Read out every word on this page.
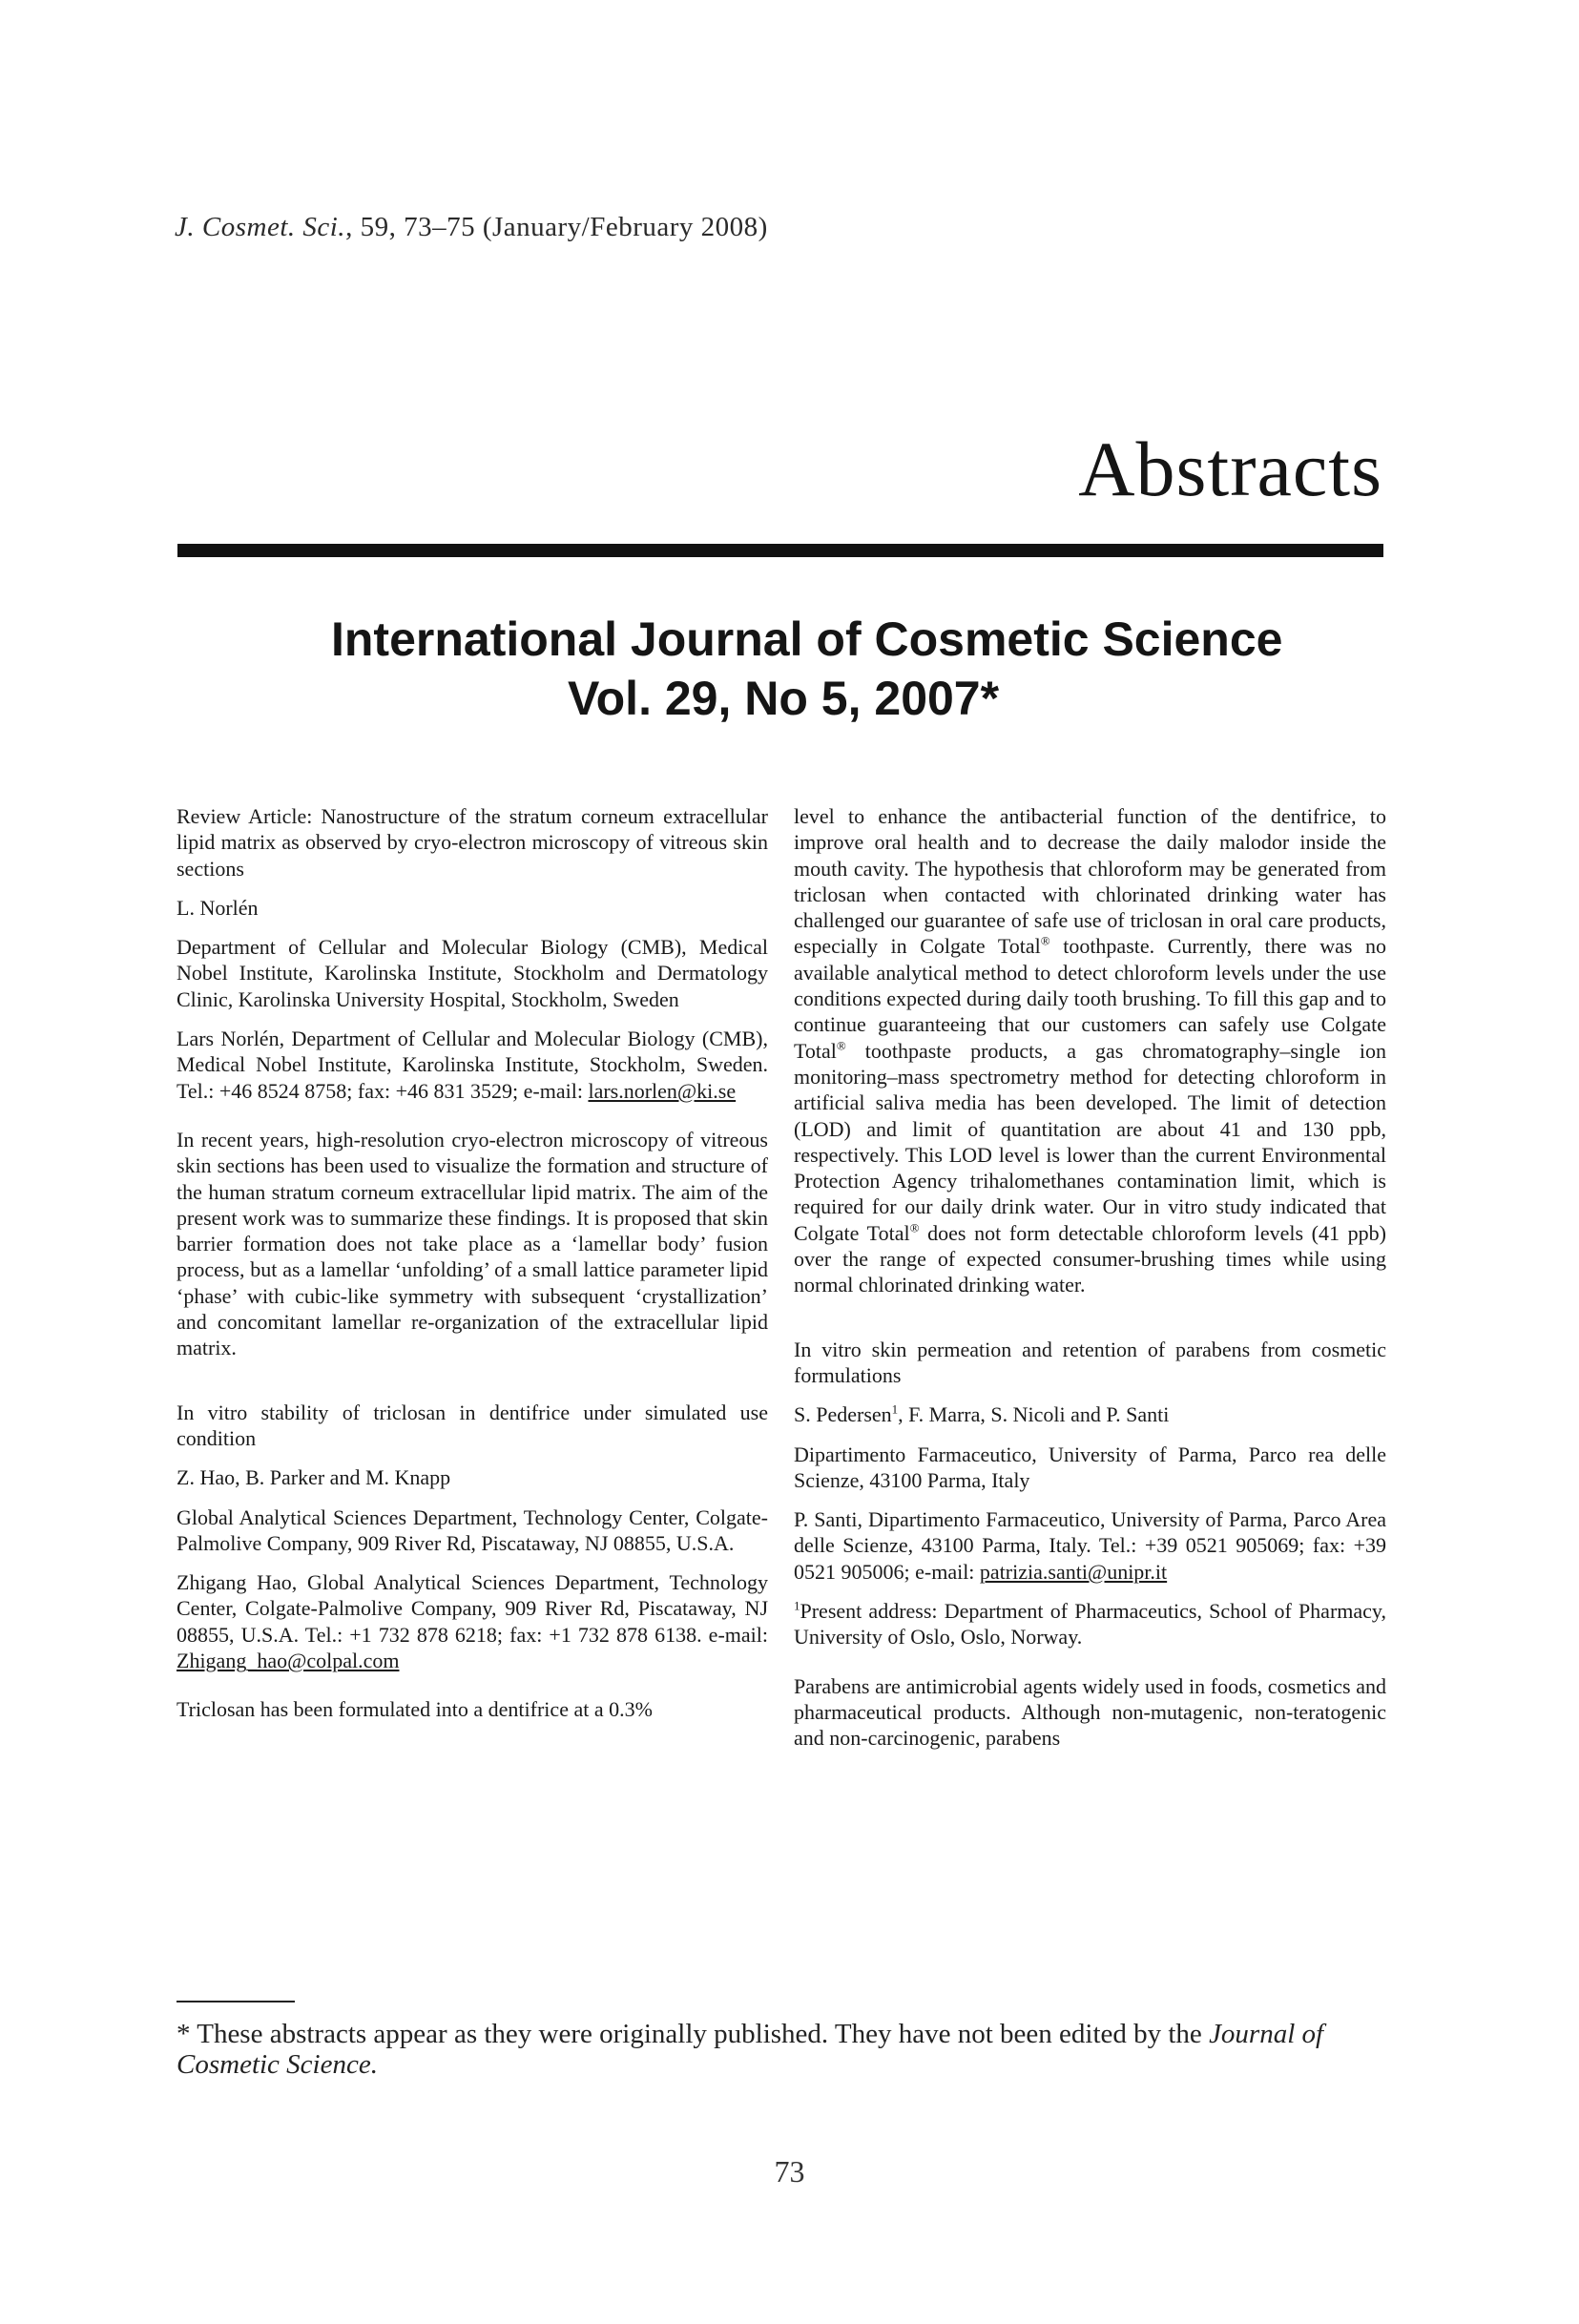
J. Cosmet. Sci., 59, 73–75 (January/February 2008)
Abstracts
International Journal of Cosmetic Science
Vol. 29, No 5, 2007*

Review Article: Nanostructure of the stratum corneum extracellular lipid matrix as observed by cryo-electron microscopy of vitreous skin sections

L. Norlén

Department of Cellular and Molecular Biology (CMB), Medical Nobel Institute, Karolinska Institute, Stockholm and Dermatology Clinic, Karolinska University Hospital, Stockholm, Sweden

Lars Norlén, Department of Cellular and Molecular Biology (CMB), Medical Nobel Institute, Karolinska Institute, Stockholm, Sweden. Tel.: +46 8524 8758; fax: +46 831 3529; e-mail: lars.norlen@ki.se

In recent years, high-resolution cryo-electron microscopy of vitreous skin sections has been used to visualize the formation and structure of the human stratum corneum extracellular lipid matrix. The aim of the present work was to summarize these findings. It is proposed that skin barrier formation does not take place as a ‘lamellar body’ fusion process, but as a lamellar ‘unfolding’ of a small lattice parameter lipid ‘phase’ with cubic-like symmetry with subsequent ‘crystallization’ and concomitant lamellar re-organization of the extracellular lipid matrix.

In vitro stability of triclosan in dentifrice under simulated use condition

Z. Hao, B. Parker and M. Knapp

Global Analytical Sciences Department, Technology Center, Colgate-Palmolive Company, 909 River Rd, Piscataway, NJ 08855, U.S.A.

Zhigang Hao, Global Analytical Sciences Department, Technology Center, Colgate-Palmolive Company, 909 River Rd, Piscataway, NJ 08855, U.S.A. Tel.: +1 732 878 6218; fax: +1 732 878 6138. e-mail: Zhigang_hao@colpal.com

Triclosan has been formulated into a dentifrice at a 0.3%

level to enhance the antibacterial function of the dentifrice, to improve oral health and to decrease the daily malodor inside the mouth cavity. The hypothesis that chloroform may be generated from triclosan when contacted with chlorinated drinking water has challenged our guarantee of safe use of triclosan in oral care products, especially in Colgate Total® toothpaste. Currently, there was no available analytical method to detect chloroform levels under the use conditions expected during daily tooth brushing. To fill this gap and to continue guaranteeing that our customers can safely use Colgate Total® toothpaste products, a gas chromatography–single ion monitoring–mass spectrometry method for detecting chloroform in artificial saliva media has been developed. The limit of detection (LOD) and limit of quantitation are about 41 and 130 ppb, respectively. This LOD level is lower than the current Environmental Protection Agency trihalomethanes contamination limit, which is required for our daily drink water. Our in vitro study indicated that Colgate Total® does not form detectable chloroform levels (41 ppb) over the range of expected consumer-brushing times while using normal chlorinated drinking water.

In vitro skin permeation and retention of parabens from cosmetic formulations

S. Pedersen$^1$, F. Marra, S. Nicoli and P. Santi

Dipartimento Farmaceutico, University of Parma, Parco rea delle Scienze, 43100 Parma, Italy

P. Santi, Dipartimento Farmaceutico, University of Parma, Parco Area delle Scienze, 43100 Parma, Italy. Tel.: +39 0521 905069; fax: +39 0521 905006; e-mail: patrizia.santi@unipr.it

$^1$Present address: Department of Pharmaceutics, School of Pharmacy, University of Oslo, Oslo, Norway.

Parabens are antimicrobial agents widely used in foods, cosmetics and pharmaceutical products. Although non-mutagenic, non-teratogenic and non-carcinogenic, parabens

* These abstracts appear as they were originally published. They have not been edited by the Journal of Cosmetic Science.
73
